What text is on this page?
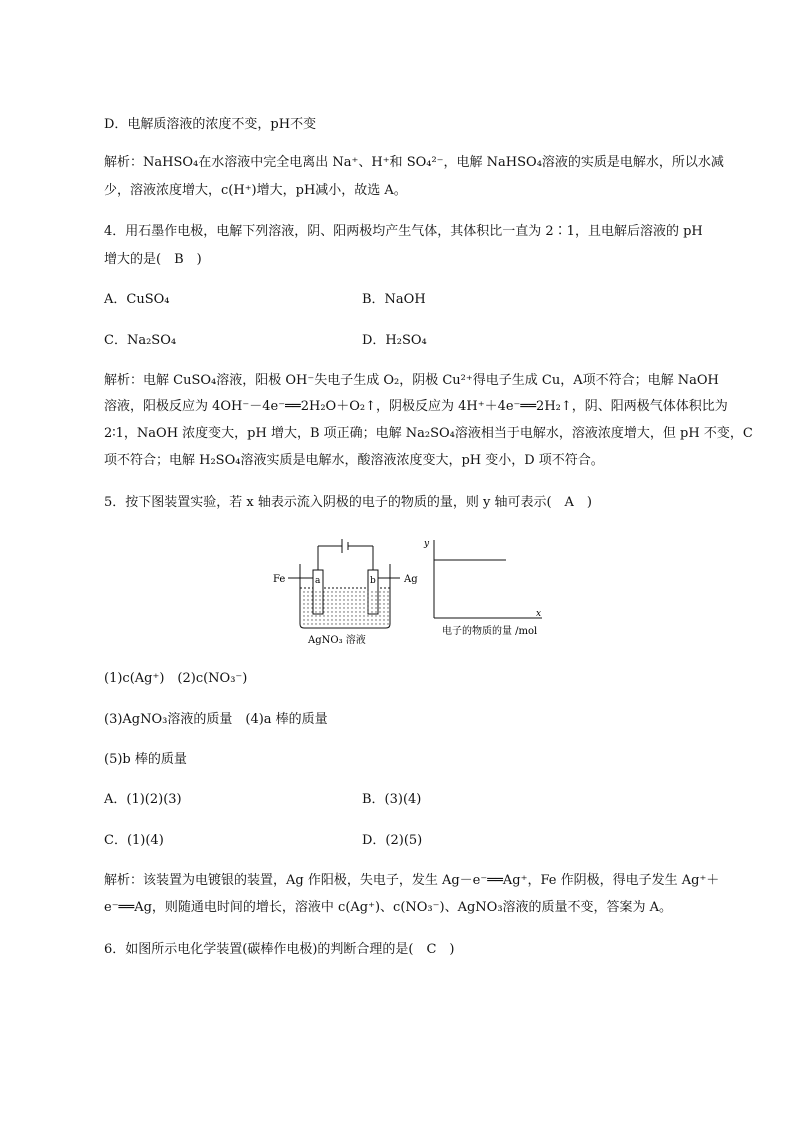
D．电解质溶液的浓度不变，pH不变
解析：NaHSO₄在水溶液中完全电离出 Na⁺、H⁺和 SO₄²⁻，电解 NaHSO₄溶液的实质是电解水，所以水减
少，溶液浓度增大，c(H⁺)增大，pH减小，故选 A。
4．用石墨作电极，电解下列溶液，阴、阳两极均产生气体，其体积比一直为 2∶1，且电解后溶液的 pH
增大的是(　B　)
A．CuSO₄	B．NaOH
C．Na₂SO₄	D．H₂SO₄
解析：电解 CuSO₄溶液，阳极 OH⁻失电子生成 O₂，阴极 Cu²⁺得电子生成 Cu，A项不符合；电解 NaOH
溶液，阳极反应为 4OH⁻－4e⁻══2H₂O＋O₂↑，阴极反应为 4H⁺＋4e⁻══2H₂↑，阴、阳两极气体体积比为
2∶1，NaOH 浓度变大，pH 增大，B 项正确；电解 Na₂SO₄溶液相当于电解水，溶液浓度增大，但 pH 不变，C
项不符合；电解 H₂SO₄溶液实质是电解水，酸溶液浓度变大，pH 变小，D 项不符合。
5．按下图装置实验，若 x 轴表示流入阴极的电子的物质的量，则 y 轴可表示(　A　)
Fe	Ag
a	b
AgNO₃ 溶液
y
x
电子的物质的量 /mol
(1)c(Ag⁺)　(2)c(NO₃⁻)
(3)AgNO₃溶液的质量　(4)a 棒的质量
(5)b 棒的质量
A．(1)(2)(3)	B．(3)(4)
C．(1)(4)	D．(2)(5)
解析：该装置为电镀银的装置，Ag 作阳极，失电子，发生 Ag－e⁻══Ag⁺，Fe 作阴极，得电子发生 Ag⁺＋
e⁻══Ag，则随通电时间的增长，溶液中 c(Ag⁺)、c(NO₃⁻)、AgNO₃溶液的质量不变，答案为 A。
6．如图所示电化学装置(碳棒作电极)的判断合理的是(　C　)
